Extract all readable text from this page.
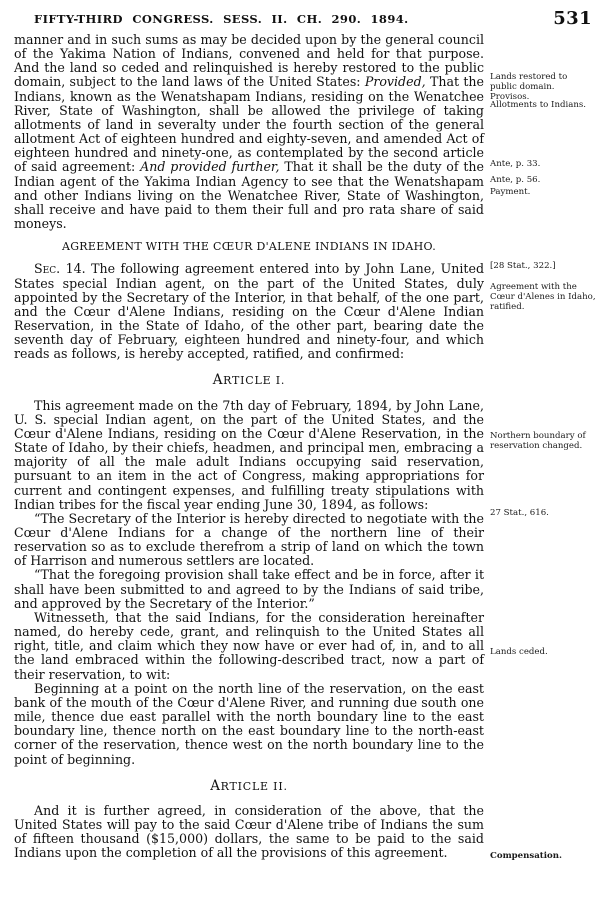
FIFTY-THIRD CONGRESS. SESS. II. CH. 290. 1894.	531

manner and in such sums as may be decided upon by the general council of the Yakima Nation of Indians, convened and held for that purpose. And the land so ceded and relinquished is hereby restored to the public domain, subject to the land laws of the United States: Provided, That the Indians, known as the Wenatshapam Indians, residing on the Wenatchee River, State of Washington, shall be allowed the privilege of taking allotments of land in severalty under the fourth section of the general allotment Act of eighteen hundred and eighty-seven, and amended Act of eighteen hundred and ninety-one, as contemplated by the second article of said agreement: And provided further, That it shall be the duty of the Indian agent of the Yakima Indian Agency to see that the Wenatshapam and other Indians living on the Wenatchee River, State of Washington, shall receive and have paid to them their full and pro rata share of said moneys.

AGREEMENT WITH THE CŒUR D'ALENE INDIANS IN IDAHO.

Sec. 14. The following agreement entered into by John Lane, United States special Indian agent, on the part of the United States, duly appointed by the Secretary of the Interior, in that behalf, of the one part, and the Cœur d'Alene Indians, residing on the Cœur d'Alene Indian Reservation, in the State of Idaho, of the other part, bearing date the seventh day of February, eighteen hundred and ninety-four, and which reads as follows, is hereby accepted, ratified, and confirmed:

ARTICLE I.

This agreement made on the 7th day of February, 1894, by John Lane, U. S. special Indian agent, on the part of the United States, and the Cœur d'Alene Indians, residing on the Cœur d'Alene Reservation, in the State of Idaho, by their chiefs, headmen, and principal men, embracing a majority of all the male adult Indians occupying said reservation, pursuant to an item in the act of Congress, making appropriations for current and contingent expenses, and fulfilling treaty stipulations with Indian tribes for the fiscal year ending June 30, 1894, as follows:

“The Secretary of the Interior is hereby directed to negotiate with the Cœur d'Alene Indians for a change of the northern line of their reservation so as to exclude therefrom a strip of land on which the town of Harrison and numerous settlers are located.

“That the foregoing provision shall take effect and be in force, after it shall have been submitted to and agreed to by the Indians of said tribe, and approved by the Secretary of the Interior.”

Witnesseth, that the said Indians, for the consideration hereinafter named, do hereby cede, grant, and relinquish to the United States all right, title, and claim which they now have or ever had of, in, and to all the land embraced within the following-described tract, now a part of their reservation, to wit:

Beginning at a point on the north line of the reservation, on the east bank of the mouth of the Cœur d'Alene River, and running due south one mile, thence due east parallel with the north boundary line to the east boundary line, thence north on the east boundary line to the north-east corner of the reservation, thence west on the north boundary line to the point of beginning.

ARTICLE II.

And it is further agreed, in consideration of the above, that the United States will pay to the said Cœur d'Alene tribe of Indians the sum of fifteen thousand ($15,000) dollars, the same to be paid to the said Indians upon the completion of all the provisions of this agreement.

Lands restored to public domain.
Provisos.
Allotments to Indians.
Ante, p. 33.
Ante, p. 56.
Payment.
[28 Stat., 322.]
Agreement with the Cœur d'Alenes in Idaho, ratified.
Northern boundary of reservation changed.
27 Stat., 616.
Lands ceded.
Compensation.
